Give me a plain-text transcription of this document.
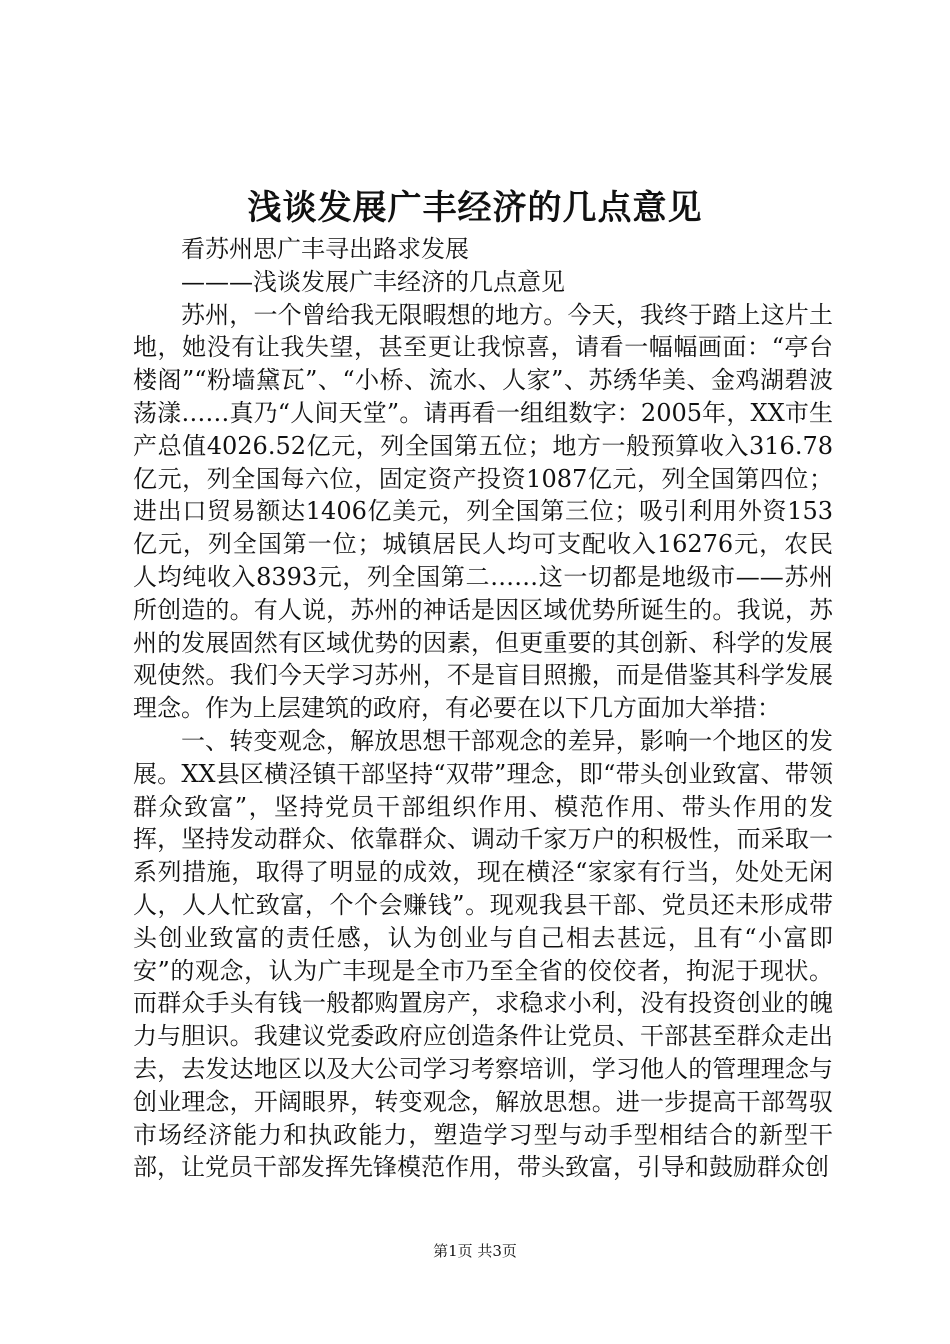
浅谈发展广丰经济的几点意见

看苏州思广丰寻出路求发展

———浅谈发展广丰经济的几点意见

苏州，一个曾给我无限暇想的地方。今天，我终于踏上这片土地，她没有让我失望，甚至更让我惊喜，请看一幅幅画面：“亭台楼阁”“粉墙黛瓦”、“小桥、流水、人家”、苏绣华美、金鸡湖碧波荡漾……真乃“人间天堂”。请再看一组组数字：2005年，XX市生产总值4026.52亿元，列全国第五位；地方一般预算收入316.78亿元，列全国每六位，固定资产投资1087亿元，列全国第四位；进出口贸易额达1406亿美元，列全国第三位；吸引利用外资153亿元，列全国第一位；城镇居民人均可支配收入16276元，农民人均纯收入8393元，列全国第二……这一切都是地级市——苏州所创造的。有人说，苏州的神话是因区域优势所诞生的。我说，苏州的发展固然有区域优势的因素，但更重要的其创新、科学的发展观使然。我们今天学习苏州，不是盲目照搬，而是借鉴其科学发展理念。作为上层建筑的政府，有必要在以下几方面加大举措：

一、转变观念，解放思想干部观念的差异，影响一个地区的发展。XX县区横泾镇干部坚持“双带”理念，即“带头创业致富、带领群众致富”，坚持党员干部组织作用、模范作用、带头作用的发挥，坚持发动群众、依靠群众、调动千家万户的积极性，而采取一系列措施，取得了明显的成效，现在横泾“家家有行当，处处无闲人，人人忙致富，个个会赚钱”。现观我县干部、党员还未形成带头创业致富的责任感，认为创业与自己相去甚远，且有“小富即安”的观念，认为广丰现是全市乃至全省的佼佼者，拘泥于现状。而群众手头有钱一般都购置房产，求稳求小利，没有投资创业的魄力与胆识。我建议党委政府应创造条件让党员、干部甚至群众走出去，去发达地区以及大公司学习考察培训，学习他人的管理理念与创业理念，开阔眼界，转变观念，解放思想。进一步提高干部驾驭市场经济能力和执政能力，塑造学习型与动手型相结合的新型干部，让党员干部发挥先锋模范作用，带头致富，引导和鼓励群众创

第1页 共3页
